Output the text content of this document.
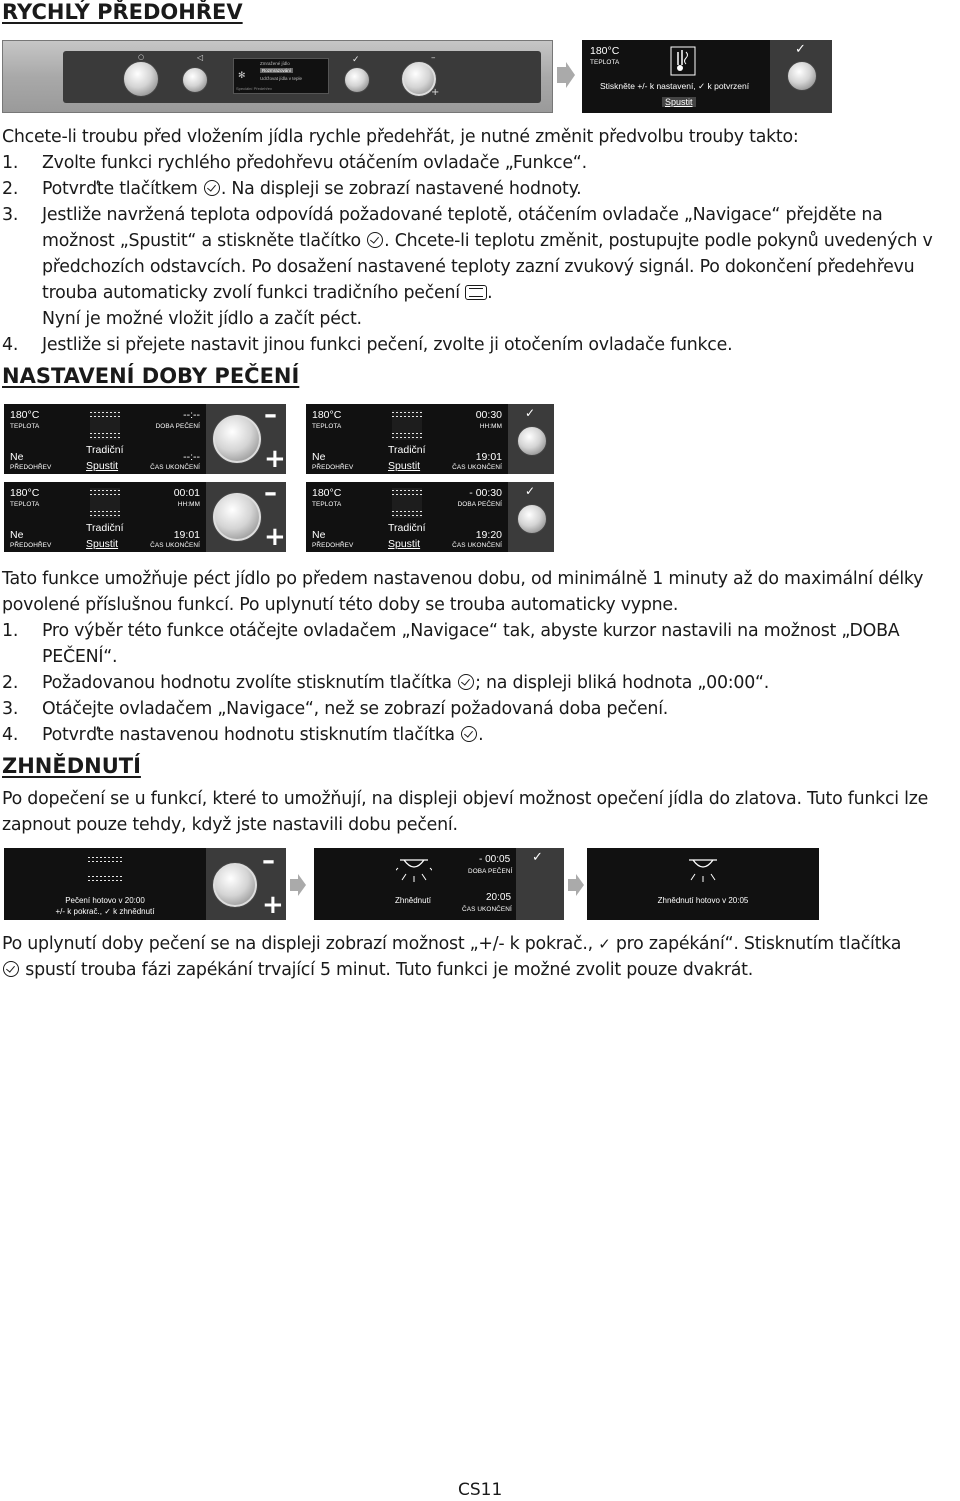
RYCHLÝ PŘEDOHŘEV
○	◁
✻
Zmražené jídlo
Rozmrazování
Udržovat jídla v teple
Speciální Předehřev
✓	–
+
180°C
TEPLOTA
Stiskněte +/- k nastavení, ✓ k potvrzení
Spustit
✓

Chcete-li troubu před vložením jídla rychle předehřát, je nutné změnit předvolbu trouby takto:

1.	Zvolte funkci rychlého předohřevu otáčením ovladače „Funkce“.
2.	Potvrďte tlačítkem . Na displeji se zobrazí nastavené hodnoty.
3.	Jestliže navržená teplota odpovídá požadované teplotě, otáčením ovladače „Navigace“ přejděte na možnost „Spustit“ a stiskněte tlačítko . Chcete-li teplotu změnit, postupujte podle pokynů uvedených v předchozích odstavcích. Po dosažení nastavené teploty zazní zvukový signál. Po dokončení předehřevu trouba automaticky zvolí funkci tradičního pečení .
Nyní je možné vložit jídlo a začít péct.
4.	Jestliže si přejete nastavit jinou funkci pečení, zvolte ji otočením ovladače funkce.
NASTAVENÍ DOBY PEČENÍ
180°C
TEPLOTA
Ne
PŘEDOHŘEV
Tradiční
Spustit
--:--
DOBA PEČENÍ
--:--
ČAS UKONČENÍ
–
+
180°C
TEPLOTA
Ne
PŘEDOHŘEV
Tradiční
Spustit
00:30
HH:MM
19:01
ČAS UKONČENÍ
✓
180°C
TEPLOTA
Ne
PŘEDOHŘEV
Tradiční
Spustit
00:01
HH:MM
19:01
ČAS UKONČENÍ
–
+
180°C
TEPLOTA
Ne
PŘEDOHŘEV
Tradiční
Spustit
- 00:30
DOBA PEČENÍ
19:20
ČAS UKONČENÍ
✓

Tato funkce umožňuje péct jídlo po předem nastavenou dobu, od minimálně 1 minuty až do maximální délky povolené příslušnou funkcí. Po uplynutí této doby se trouba automaticky vypne.

1.	Pro výběr této funkce otáčejte ovladačem „Navigace“ tak, abyste kurzor nastavili na možnost „DOBA PEČENÍ“.
2.	Požadovanou hodnotu zvolíte stisknutím tlačítka ; na displeji bliká hodnota „00:00“.
3.	Otáčejte ovladačem „Navigace“, než se zobrazí požadovaná doba pečení.
4.	Potvrďte nastavenou hodnotu stisknutím tlačítka .
ZHNĚDNUTÍ
Po dopečení se u funkcí, které to umožňují, na displeji objeví možnost opečení jídla do zlatova. Tuto funkci lze zapnout pouze tehdy, když jste nastavili dobu pečení.
Pečení hotovo v 20:00
+/- k pokrač., ✓ k zhnědnutí
–
+	Zhnědnutí
- 00:05
DOBA PEČENÍ
20:05
ČAS UKONČENÍ
✓
Zhnědnutí hotovo v 20:05
Po uplynutí doby pečení se na displeji zobrazí možnost „+/- k pokrač., ✓ pro zapékání“. Stisknutím tlačítka
spustí trouba fázi zapékání trvající 5 minut. Tuto funkci je možné zvolit pouze dvakrát.
CS11
